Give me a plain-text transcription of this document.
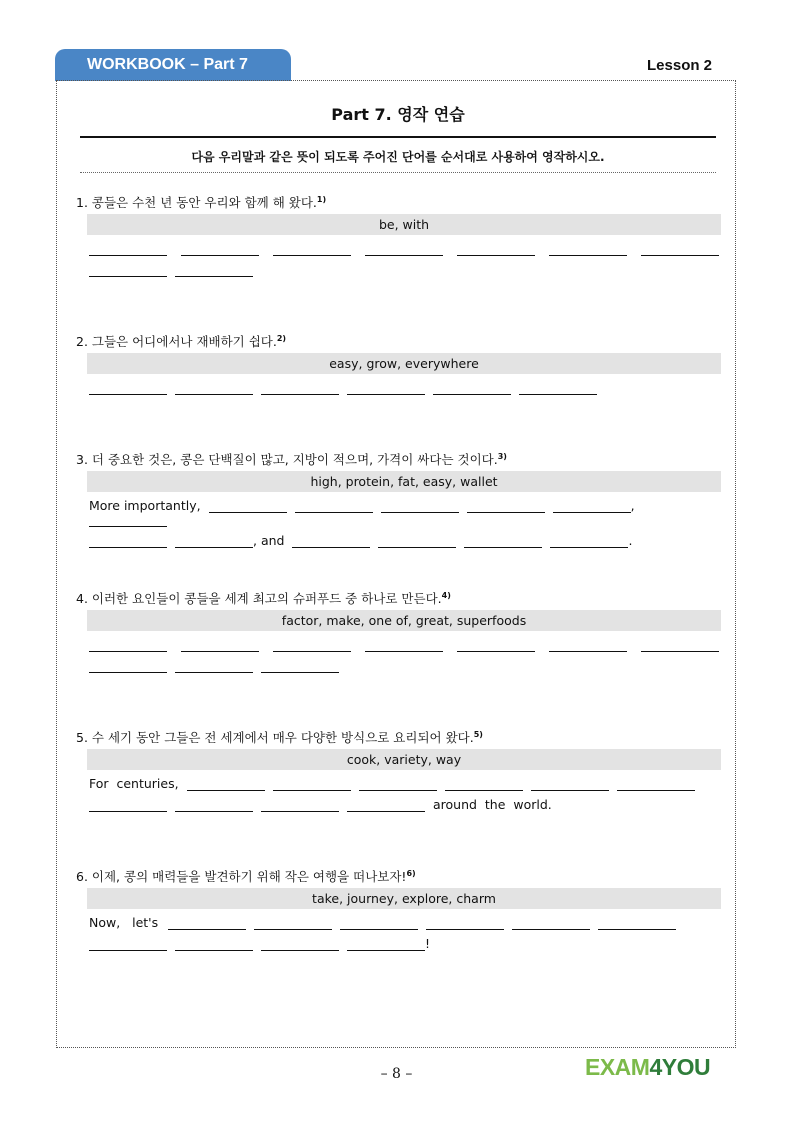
WORKBOOK – Part 7	Lesson 2
Part 7. 영작 연습
다음 우리말과 같은 뜻이 되도록 주어진 단어를 순서대로 사용하여 영작하시오.
1. 콩들은 수천 년 동안 우리와 함께 해 왔다.$^{1)}$
be, with
2. 그들은 어디에서나 재배하기 쉽다.$^{2)}$
easy, grow, everywhere
3. 더 중요한 것은, 콩은 단백질이 많고, 지방이 적으며, 가격이 싸다는 것이다.$^{3)}$
high, protein, fat, easy, wallet
More importantly,	,
, and	.
4. 이러한 요인들이 콩들을 세계 최고의 슈퍼푸드 중 하나로 만든다.$^{4)}$
factor, make, one of, great, superfoods
5. 수 세기 동안 그들은 전 세계에서 매우 다양한 방식으로 요리되어 왔다.$^{5)}$
cook, variety, way
For  centuries,
around  the  world.
6. 이제, 콩의 매력들을 발견하기 위해 작은 여행을 떠나보자!$^{6)}$
take, journey, explore, charm
Now,   let's
!
– 8 –	EXAM4YOU
